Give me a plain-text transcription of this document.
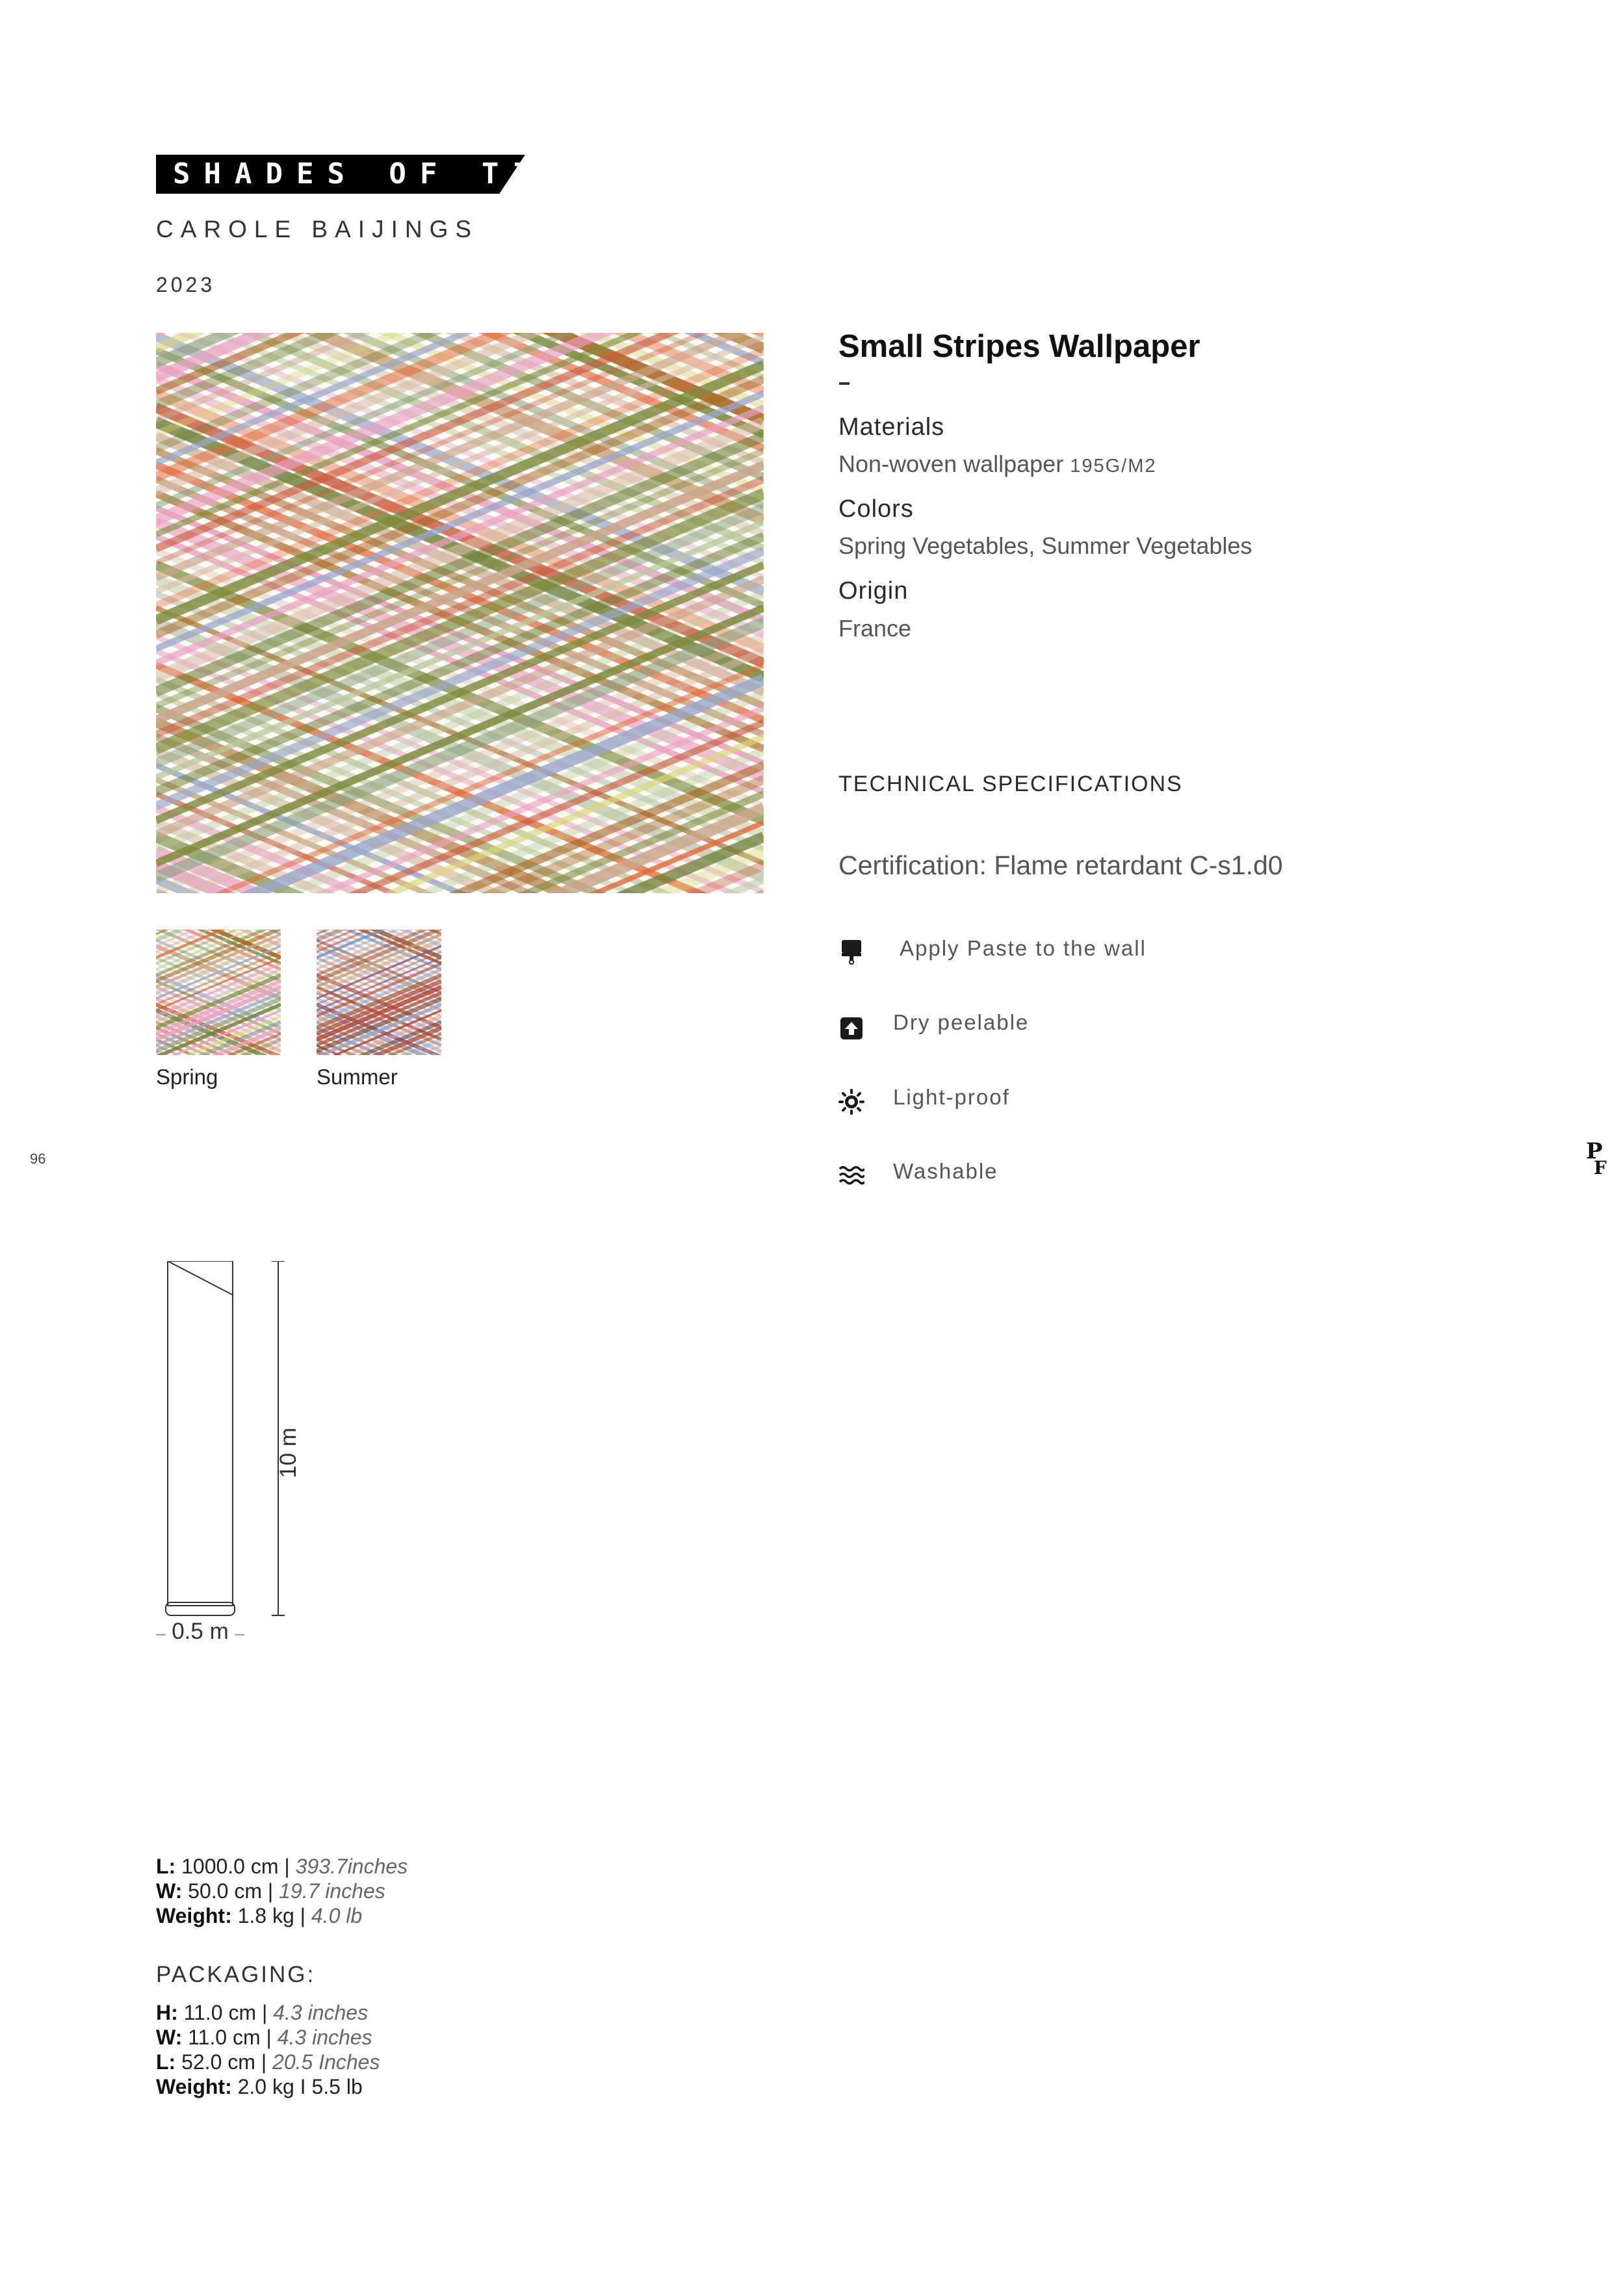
SHADES OF TIME
CAROLE BAIJINGS
2023
Spring	Summer
Small Stripes Wallpaper
Materials
Non-woven wallpaper 195G/M2
Colors
Spring Vegetables, Summer Vegetables
Origin
France
TECHNICAL SPECIFICATIONS
Certification: Flame retardant C-s1.d0
Apply Paste to the wall
Dry peelable
Light-proof
Washable
96	P
F
10 m
– 0.5 m –
L: 1000.0 cm | 393.7inches
W: 50.0 cm | 19.7 inches
Weight: 1.8 kg | 4.0 lb
PACKAGING:
H: 11.0 cm | 4.3 inches
W: 11.0 cm | 4.3 inches
L: 52.0 cm | 20.5 Inches
Weight: 2.0 kg I 5.5 lb
